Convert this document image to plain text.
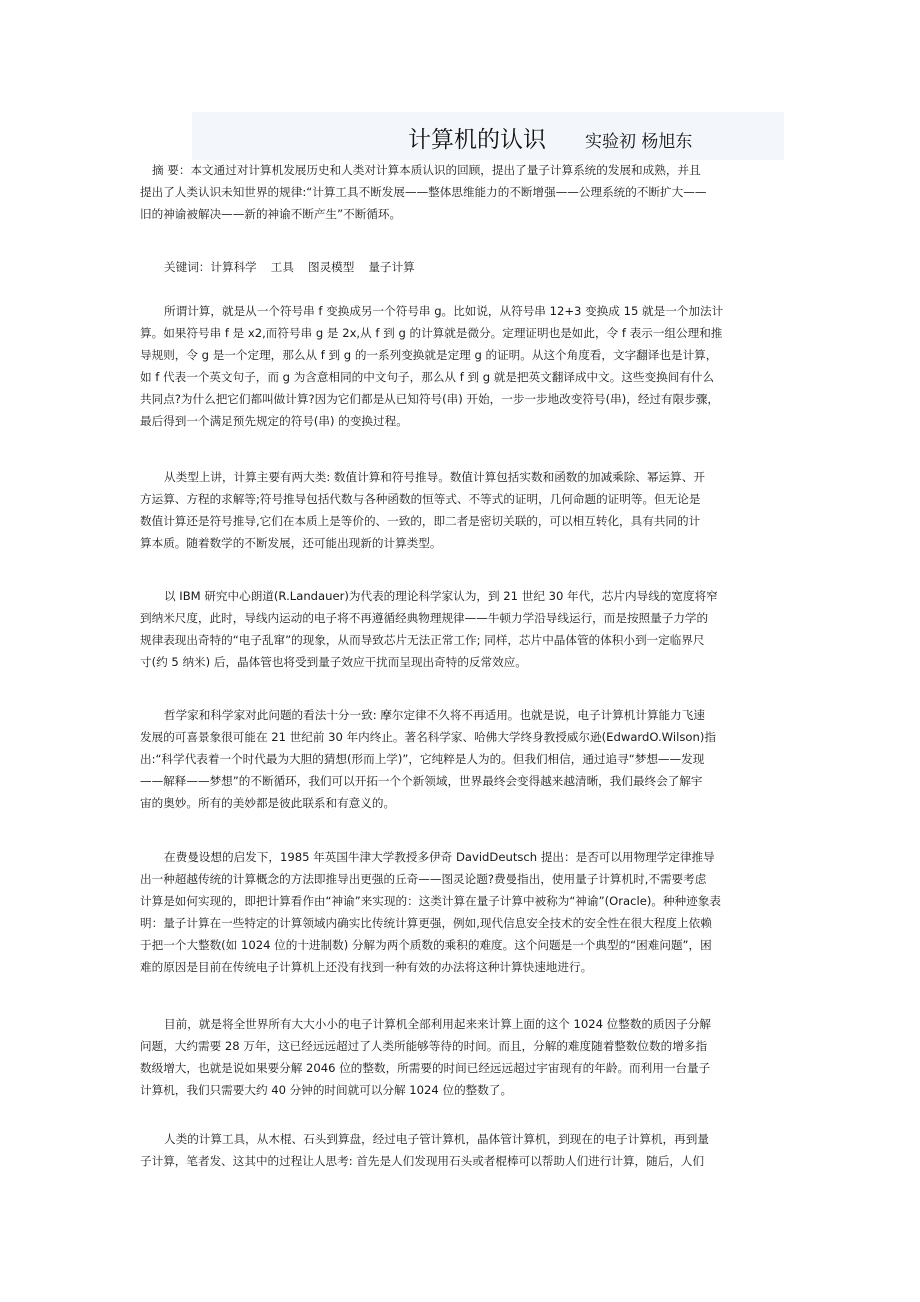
计算机的认识 实验初 杨旭东
摘 要：本文通过对计算机发展历史和人类对计算本质认识的回顾，提出了量子计算系统的发展和成熟，并且
提出了人类认识未知世界的规律:“计算工具不断发展——整体思维能力的不断增强——公理系统的不断扩大——
旧的神谕被解决——新的神谕不断产生”不断循环。
关键词：计算科学 工具 图灵模型 量子计算
所谓计算，就是从一个符号串 f 变换成另一个符号串 g。比如说，从符号串 12+3 变换成 15 就是一个加法计
算。如果符号串 f 是 x2,而符号串 g 是 2x,从 f 到 g 的计算就是微分。定理证明也是如此，令 f 表示一组公理和推
导规则，令 g 是一个定理，那么从 f 到 g 的一系列变换就是定理 g 的证明。从这个角度看，文字翻译也是计算，
如 f 代表一个英文句子，而 g 为含意相同的中文句子，那么从 f 到 g 就是把英文翻译成中文。这些变换间有什么
共同点?为什么把它们都叫做计算?因为它们都是从已知符号(串) 开始，一步一步地改变符号(串)，经过有限步骤，
最后得到一个满足预先规定的符号(串) 的变换过程。
从类型上讲，计算主要有两大类: 数值计算和符号推导。数值计算包括实数和函数的加减乘除、幂运算、开
方运算、方程的求解等;符号推导包括代数与各种函数的恒等式、不等式的证明，几何命题的证明等。但无论是
数值计算还是符号推导,它们在本质上是等价的、一致的，即二者是密切关联的，可以相互转化，具有共同的计
算本质。随着数学的不断发展，还可能出现新的计算类型。
以 IBM 研究中心朗道(R.Landauer)为代表的理论科学家认为，到 21 世纪 30 年代，芯片内导线的宽度将窄
到纳米尺度，此时，导线内运动的电子将不再遵循经典物理规律——牛顿力学沿导线运行，而是按照量子力学的
规律表现出奇特的“电子乱窜”的现象，从而导致芯片无法正常工作; 同样，芯片中晶体管的体积小到一定临界尺
寸(约 5 纳米) 后，晶体管也将受到量子效应干扰而呈现出奇特的反常效应。
哲学家和科学家对此问题的看法十分一致: 摩尔定律不久将不再适用。也就是说，电子计算机计算能力飞速
发展的可喜景象很可能在 21 世纪前 30 年内终止。著名科学家、哈佛大学终身教授威尔逊(EdwardO.Wilson)指
出:“科学代表着一个时代最为大胆的猜想(形而上学)”，它纯粹是人为的。但我们相信，通过追寻“梦想——发现
——解释——梦想”的不断循环，我们可以开拓一个个新领域，世界最终会变得越来越清晰，我们最终会了解宇
宙的奥妙。所有的美妙都是彼此联系和有意义的。
在费曼设想的启发下，1985 年英国牛津大学教授多伊奇 DavidDeutsch 提出：是否可以用物理学定律推导
出一种超越传统的计算概念的方法即推导出更强的丘奇——图灵论题?费曼指出，使用量子计算机时,不需要考虑
计算是如何实现的，即把计算看作由“神谕”来实现的：这类计算在量子计算中被称为“神谕”(Oracle)。种种迹象表
明：量子计算在一些特定的计算领域内确实比传统计算更强，例如,现代信息安全技术的安全性在很大程度上依赖
于把一个大整数(如 1024 位的十进制数) 分解为两个质数的乘积的难度。这个问题是一个典型的“困难问题”，困
难的原因是目前在传统电子计算机上还没有找到一种有效的办法将这种计算快速地进行。
目前，就是将全世界所有大大小小的电子计算机全部利用起来来计算上面的这个 1024 位整数的质因子分解
问题，大约需要 28 万年，这已经远远超过了人类所能够等待的时间。而且，分解的难度随着整数位数的增多指
数级增大，也就是说如果要分解 2046 位的整数，所需要的时间已经远远超过宇宙现有的年龄。而利用一台量子
计算机，我们只需要大约 40 分钟的时间就可以分解 1024 位的整数了。
人类的计算工具，从木棍、石头到算盘，经过电子管计算机，晶体管计算机，到现在的电子计算机，再到量
子计算，笔者发、这其中的过程让人思考: 首先是人们发现用石头或者棍棒可以帮助人们进行计算，随后，人们
